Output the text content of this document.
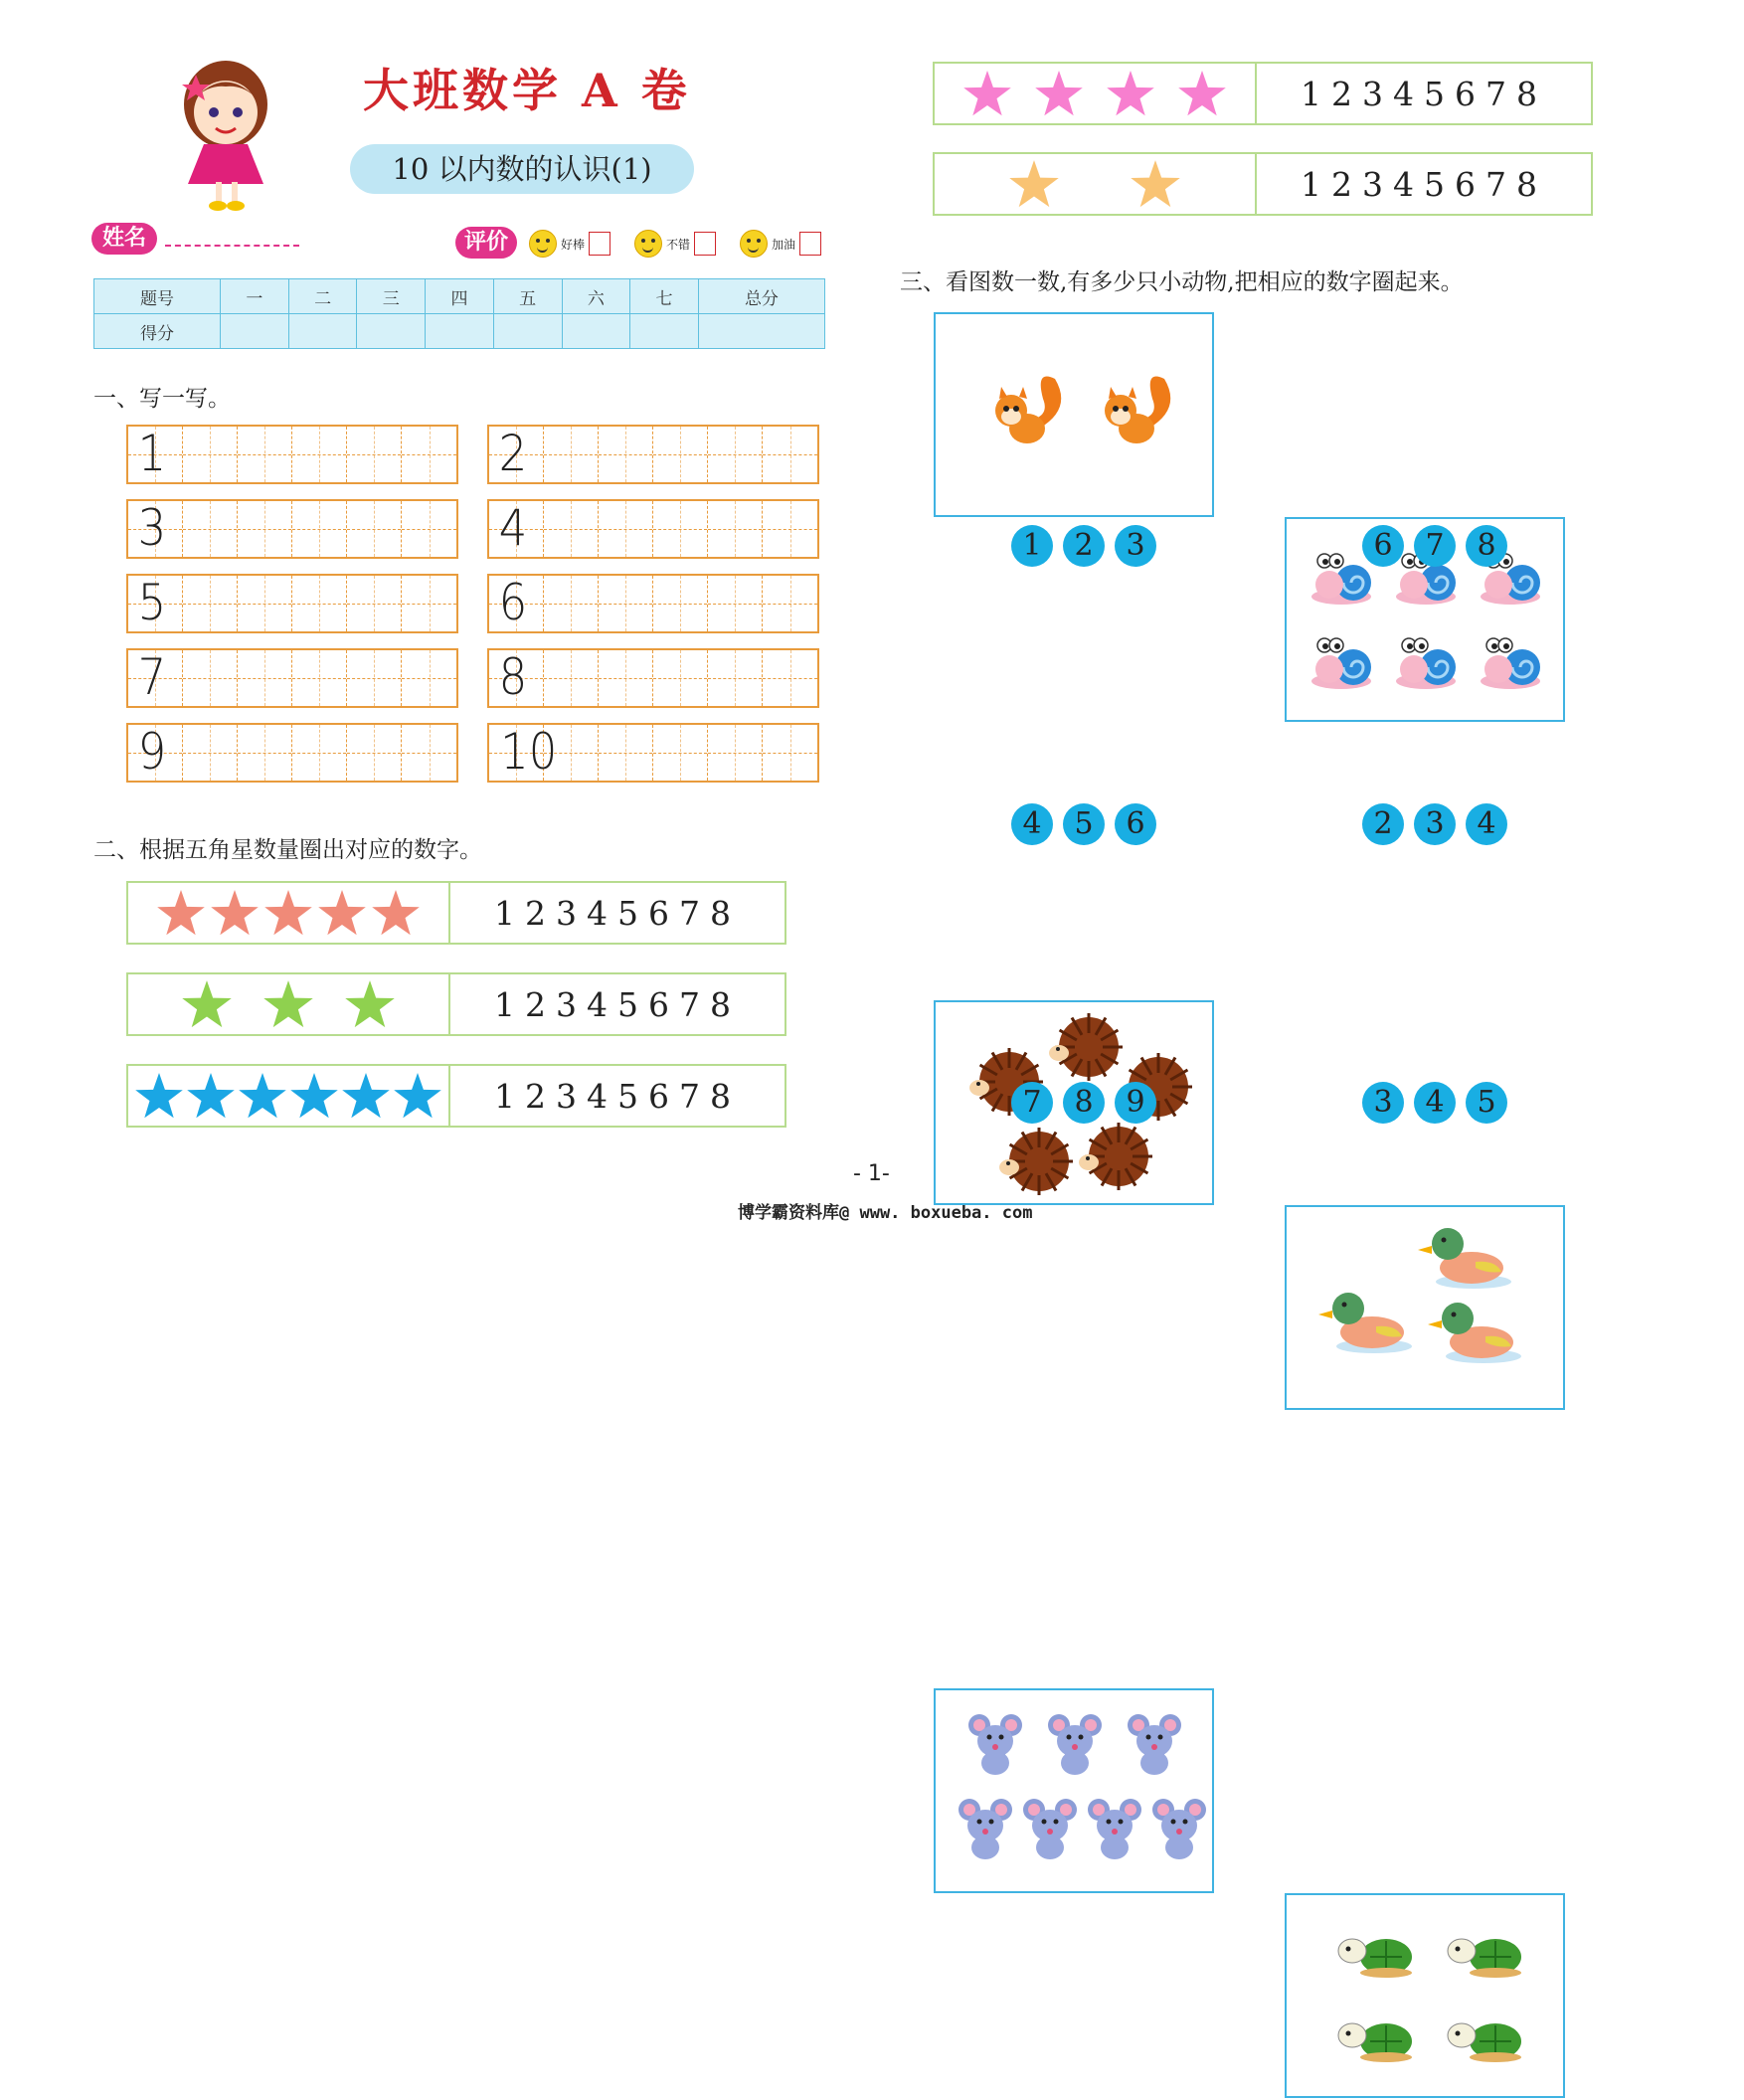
大班数学 A 卷
10 以内数的认识(1)
姓名	评价	好棒	不错	加油
题号	一	二	三	四	五	六	七	总分
得分								
一、写一写。
1	2
3	4
5	6
7	8
9	10
二、根据五角星数量圈出对应的数字。
12345678
12345678
12345678
12345678
12345678
三、看图数一数,有多少只小动物,把相应的数字圈起来。
1	2	3	6	7	8
4	5	6	2	3	4
7	8	9	3	4	5
- 1-
博学霸资料库@ www. boxueba. com
